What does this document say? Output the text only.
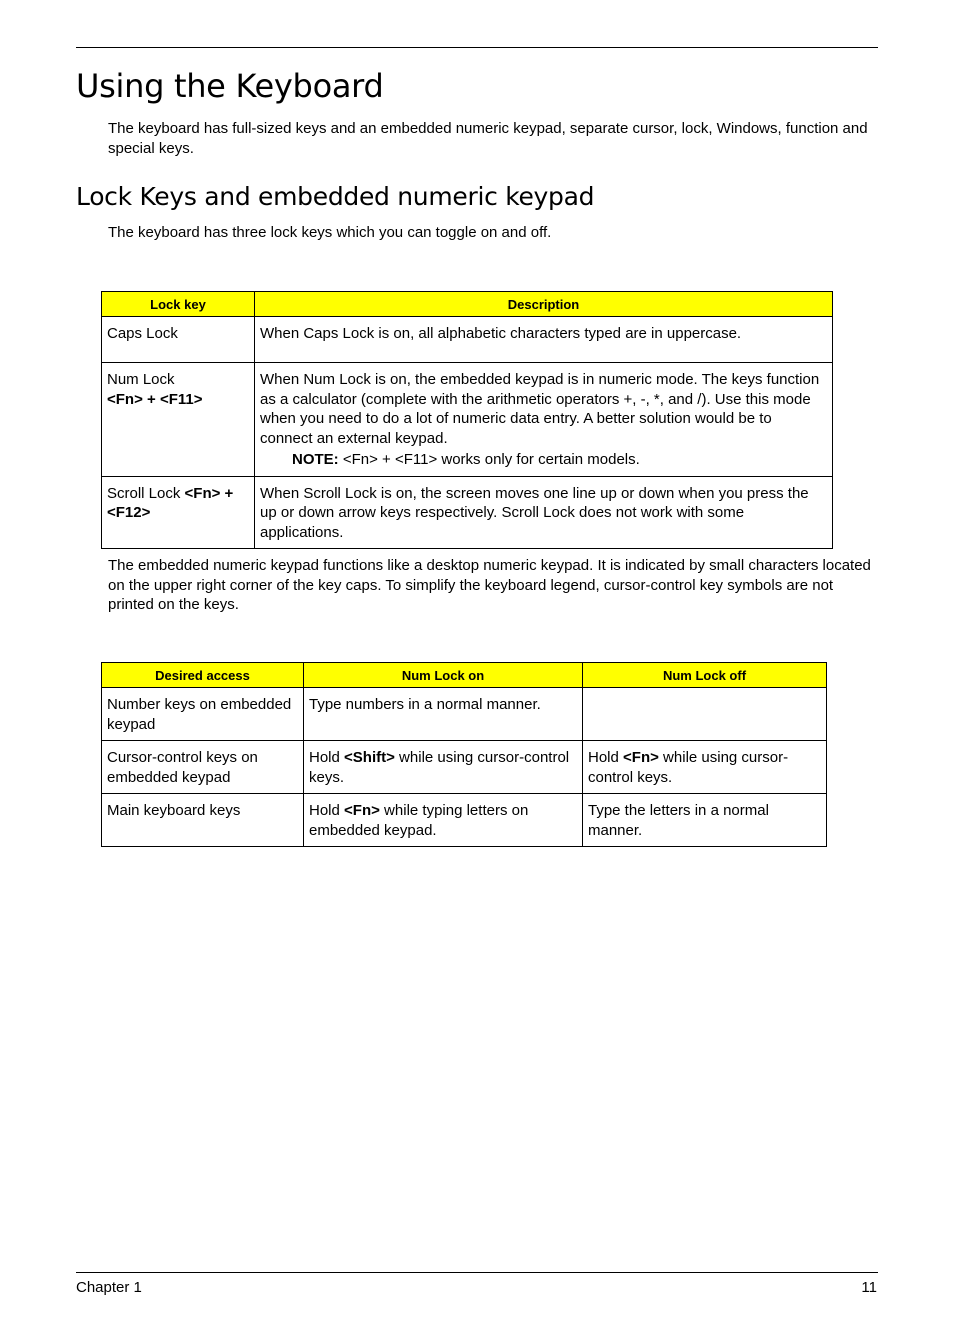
Using the Keyboard

The keyboard has full-sized keys and an embedded numeric keypad, separate cursor, lock, Windows, function and special keys.

Lock Keys and embedded numeric keypad

The keyboard has three lock keys which you can toggle on and off.

Lock key	Description
Caps Lock	When Caps Lock is on, all alphabetic characters typed are in uppercase.
Num Lock
<Fn> + <F11>	When Num Lock is on, the embedded keypad is in numeric mode. The keys function as a calculator (complete with the arithmetic operators +, -, *, and /). Use this mode when you need to do a lot of numeric data entry. A better solution would be to connect an external keypad.
NOTE: <Fn> + <F11> works only for certain models.

Scroll Lock <Fn> + <F12>	When Scroll Lock is on, the screen moves one line up or down when you press the up or down arrow keys respectively. Scroll Lock does not work with some applications.

The embedded numeric keypad functions like a desktop numeric keypad. It is indicated by small characters located on the upper right corner of the key caps. To simplify the keyboard legend, cursor-control key symbols are not printed on the keys.

Desired access	Num Lock on	Num Lock off
Number keys on embedded keypad	Type numbers in a normal manner.	
Cursor-control keys on embedded keypad	Hold <Shift> while using cursor-control keys.	Hold <Fn> while using cursor-control keys.
Main keyboard keys	Hold <Fn> while typing letters on embedded keypad.	Type the letters in a normal manner.
Chapter 1	11
